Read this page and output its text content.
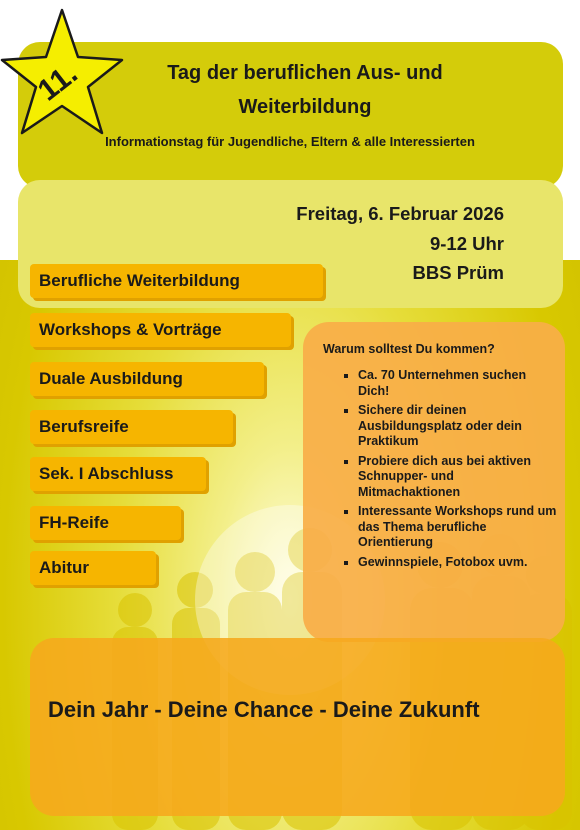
11.	Tag der beruflichen Aus- und
Weiterbildung
Informationstag für Jugendliche, Eltern & alle Interessierten
Freitag, 6. Februar 2026
9-12 Uhr
BBS Prüm
Berufliche Weiterbildung
Workshops & Vorträge
Duale Ausbildung
Berufsreife
Sek. I Abschluss
FH-Reife
Abitur
Warum solltest Du kommen?
▪ Ca. 70 Unternehmen suchen Dich!
▪ Sichere dir deinen Ausbildungsplatz oder dein Praktikum
▪ Probiere dich aus bei aktiven Schnupper- und Mitmachaktionen
▪ Interessante Workshops rund um das Thema berufliche Orientierung
▪ Gewinnspiele, Fotobox uvm.
Dein Jahr - Deine Chance - Deine Zukunft
